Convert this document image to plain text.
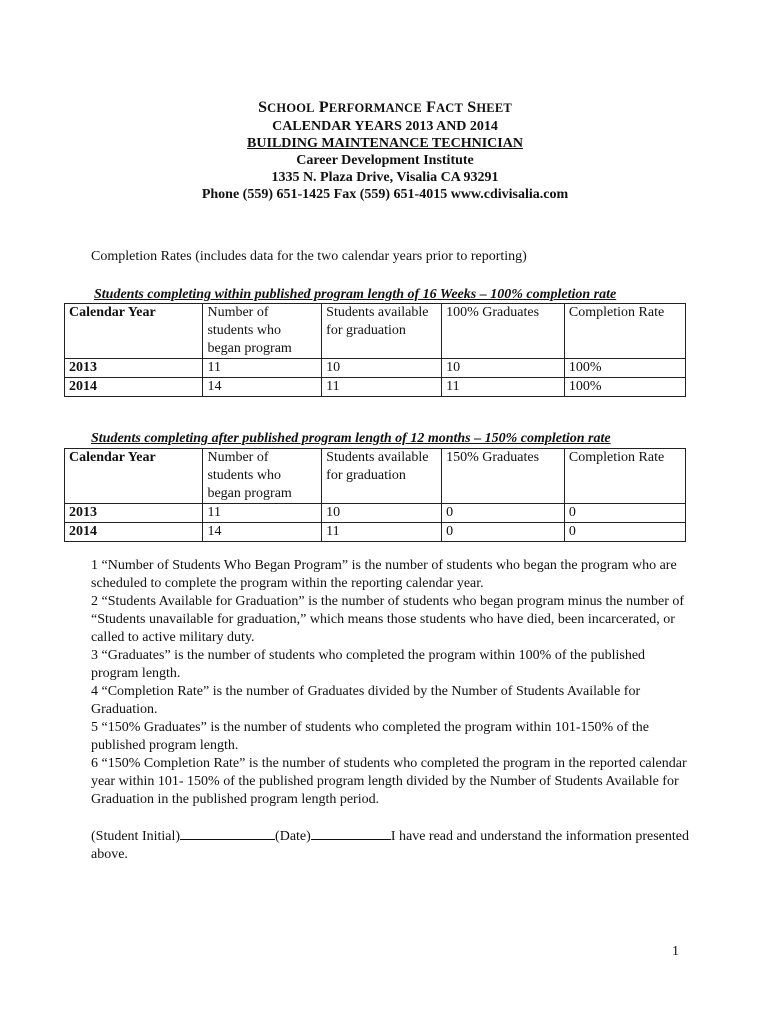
SCHOOL PERFORMANCE FACT SHEET
CALENDAR YEARS 2013 AND 2014
BUILDING MAINTENANCE TECHNICIAN
Career Development Institute
1335 N. Plaza Drive, Visalia CA 93291
Phone (559) 651-1425 Fax (559) 651-4015 www.cdivisalia.com
Completion Rates (includes data for the two calendar years prior to reporting)
Students completing within published program length of 16 Weeks – 100% completion rate
Calendar Year	Number of students who began program	Students available for graduation	100% Graduates	Completion Rate
2013	11	10	10	100%
2014	14	11	11	100%
Students completing after published program length of 12 months – 150% completion rate
Calendar Year	Number of students who began program	Students available for graduation	150% Graduates	Completion Rate
2013	11	10	0	0
2014	14	11	0	0

1 “Number of Students Who Began Program” is the number of students who began the program who are scheduled to complete the program within the reporting calendar year.

2 “Students Available for Graduation” is the number of students who began program minus the number of “Students unavailable for graduation,” which means those students who have died, been incarcerated, or called to active military duty.

3 “Graduates” is the number of students who completed the program within 100% of the published program length.

4 “Completion Rate” is the number of Graduates divided by the Number of Students Available for Graduation.

5 “150% Graduates” is the number of students who completed the program within 101-150% of the published program length.

6 “150% Completion Rate” is the number of students who completed the program in the reported calendar year within 101- 150% of the published program length divided by the Number of Students Available for Graduation in the published program length period.

(Student Initial)	(Date)	I have read and understand the information presented above.
1
